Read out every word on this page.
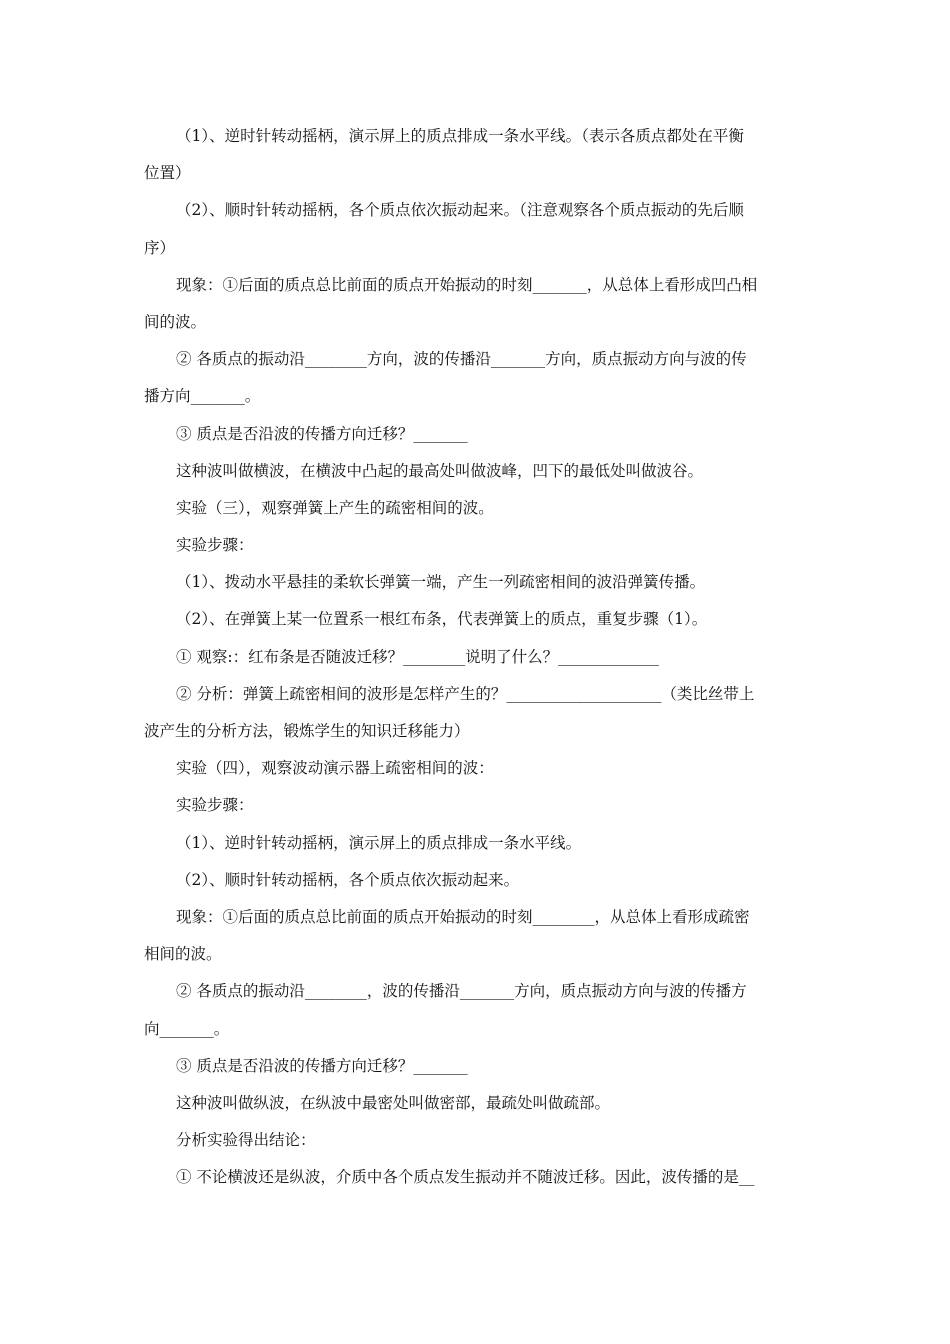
（1）、逆时针转动摇柄，演示屏上的质点排成一条水平线。（表示各质点都处在平衡
位置）
（2）、顺时针转动摇柄，各个质点依次振动起来。（注意观察各个质点振动的先后顺
序）
现象：①后面的质点总比前面的质点开始振动的时刻_______，从总体上看形成凹凸相
间的波。
② 各质点的振动沿________方向，波的传播沿_______方向，质点振动方向与波的传
播方向_______。
③ 质点是否沿波的传播方向迁移？_______
这种波叫做横波，在横波中凸起的最高处叫做波峰，凹下的最低处叫做波谷。
实验（三），观察弹簧上产生的疏密相间的波。
实验步骤：
（1）、拨动水平悬挂的柔软长弹簧一端，产生一列疏密相间的波沿弹簧传播。
（2）、在弹簧上某一位置系一根红布条，代表弹簧上的质点，重复步骤（1）。
① 观察:：红布条是否随波迁移？________说明了什么？_____________
② 分析：弹簧上疏密相间的波形是怎样产生的？____________________（类比丝带上
波产生的分析方法，锻炼学生的知识迁移能力）
实验（四），观察波动演示器上疏密相间的波：
实验步骤：
（1）、逆时针转动摇柄，演示屏上的质点排成一条水平线。
（2）、顺时针转动摇柄，各个质点依次振动起来。
现象：①后面的质点总比前面的质点开始振动的时刻________，从总体上看形成疏密
相间的波。
② 各质点的振动沿________，波的传播沿_______方向，质点振动方向与波的传播方
向_______。
③ 质点是否沿波的传播方向迁移？_______
这种波叫做纵波，在纵波中最密处叫做密部，最疏处叫做疏部。
分析实验得出结论：
① 不论横波还是纵波，介质中各个质点发生振动并不随波迁移。因此，波传播的是__
